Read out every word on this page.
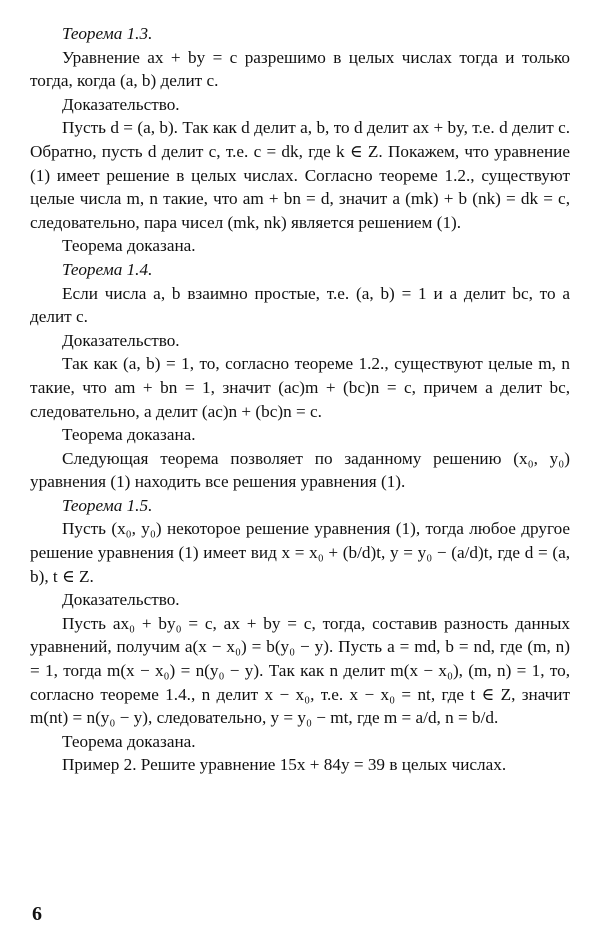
Теорема 1.3.

Уравнение ax + by = c разрешимо в целых числах тогда и только тогда, когда (a, b) делит c.

Доказательство.

Пусть d = (a, b). Так как d делит a, b, то d делит ax + by, т.е. d делит c. Обратно, пусть d делит c, т.е. c = dk, где k ∈ Z. Покажем, что уравнение (1) имеет решение в целых числах. Согласно теореме 1.2., существуют целые числа m, n такие, что am + bn = d, значит a (mk) + b (nk) = dk = c, следовательно, пара чисел (mk, nk) является решением (1).

Теорема доказана.

Теорема 1.4.

Если числа a, b взаимно простые, т.е. (a, b) = 1 и a делит bc, то a делит c.

Доказательство.

Так как (a, b) = 1, то, согласно теореме 1.2., существуют целые m, n такие, что am + bn = 1, значит (ac)m + (bc)n = c, причем a делит bc, следовательно, a делит (ac)n + (bc)n = c.

Теорема доказана.

Следующая теорема позволяет по заданному решению (x₀, y₀) уравнения (1) находить все решения уравнения (1).

Теорема 1.5.

Пусть (x₀, y₀) некоторое решение уравнения (1), тогда любое другое решение уравнения (1) имеет вид x = x₀ + (b/d)t, y = y₀ − (a/d)t, где d = (a, b), t ∈ Z.

Доказательство.

Пусть ax₀ + by₀ = c, ax + by = c, тогда, составив разность данных уравнений, получим a(x − x₀) = b(y₀ − y). Пусть a = md, b = nd, где (m, n) = 1, тогда m(x − x₀) = n(y₀ − y). Так как n делит m(x − x₀), (m, n) = 1, то, согласно теореме 1.4., n делит x − x₀, т.е. x − x₀ = nt, где t ∈ Z, значит m(nt) = n(y₀ − y), следовательно, y = y₀ − mt, где m = a/d, n = b/d.

Теорема доказана.

Пример 2. Решите уравнение 15x + 84y = 39 в целых числах.

6
